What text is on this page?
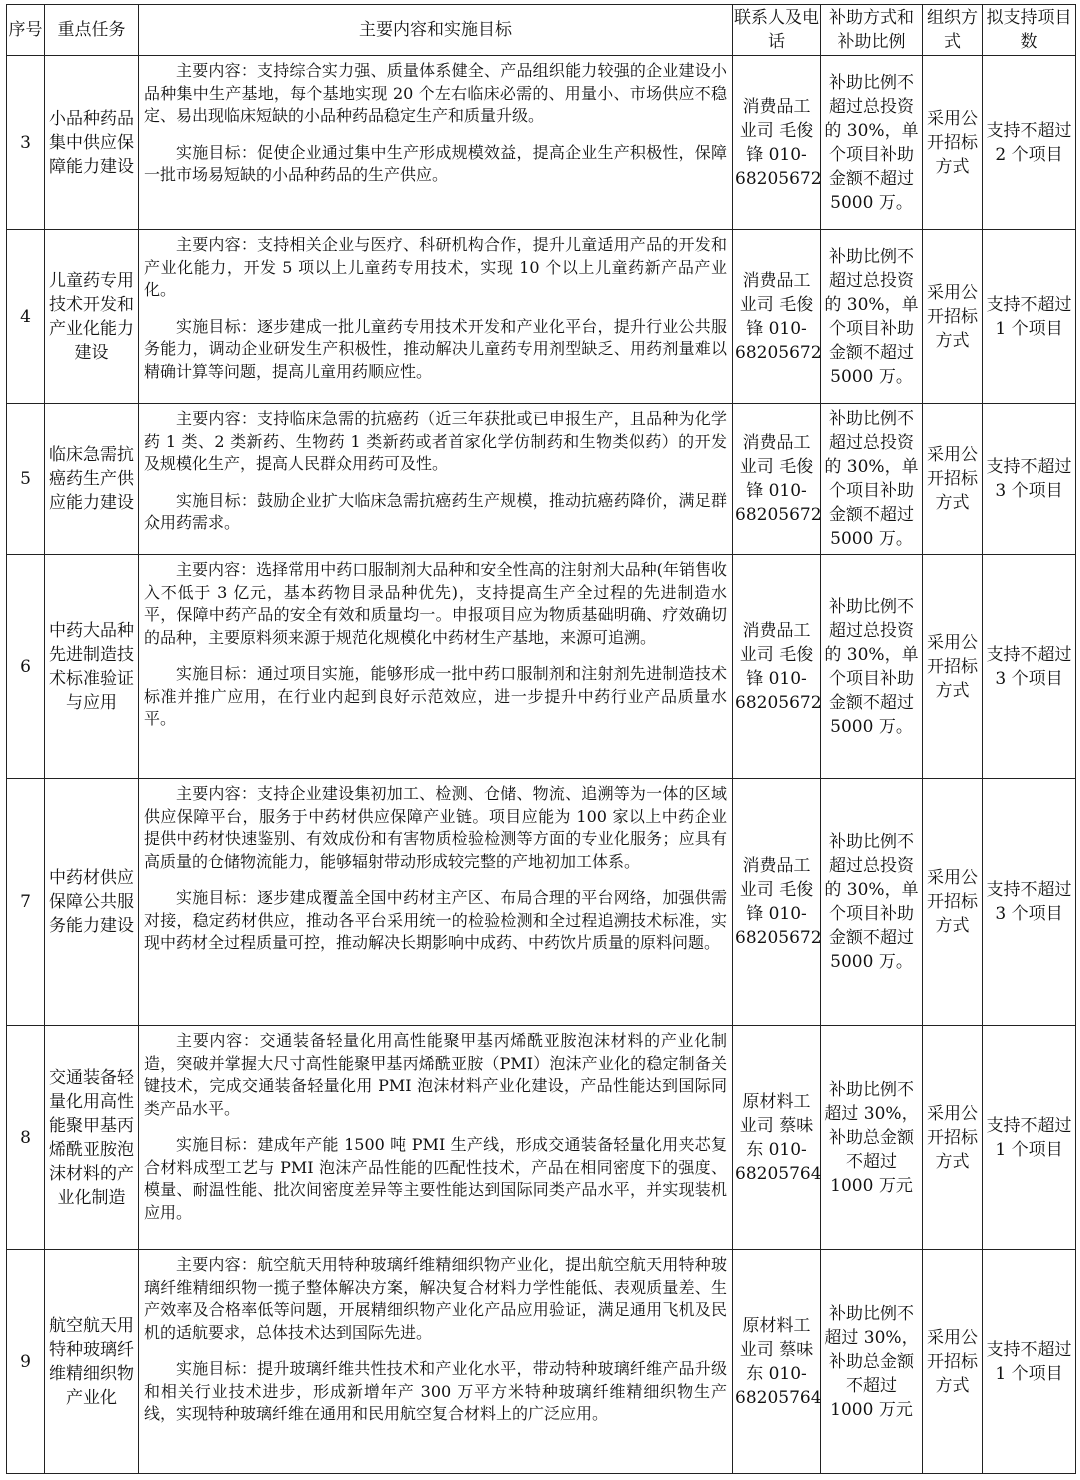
序号	重点任务	主要内容和实施目标	联系人及电话	补助方式和补助比例	组织方式	拟支持项目数
3	小品种药品集中供应保障能力建设	主要内容：支持综合实力强、质量体系健全、产品组织能力较强的企业建设小品种集中生产基地，每个基地实现 20 个左右临床必需的、用量小、市场供应不稳定、易出现临床短缺的小品种药品稳定生产和质量升级。

实施目标：促使企业通过集中生产形成规模效益，提高企业生产积极性，保障一批市场易短缺的小品种药品的生产供应。	消费品工业司 毛俊锋 010-68205672	补助比例不超过总投资的 30%，单个项目补助金额不超过 5000 万。	采用公开招标方式	支持不超过 2 个项目

4	儿童药专用技术开发和产业化能力建设	主要内容：支持相关企业与医疗、科研机构合作，提升儿童适用产品的开发和产业化能力，开发 5 项以上儿童药专用技术，实现 10 个以上儿童药新产品产业化。

实施目标：逐步建成一批儿童药专用技术开发和产业化平台，提升行业公共服务能力，调动企业研发生产积极性，推动解决儿童药专用剂型缺乏、用药剂量难以精确计算等问题，提高儿童用药顺应性。	消费品工业司 毛俊锋 010-68205672	补助比例不超过总投资的 30%，单个项目补助金额不超过 5000 万。	采用公开招标方式	支持不超过 1 个项目

5	临床急需抗癌药生产供应能力建设	主要内容：支持临床急需的抗癌药（近三年获批或已申报生产，且品种为化学药 1 类、2 类新药、生物药 1 类新药或者首家化学仿制药和生物类似药）的开发及规模化生产，提高人民群众用药可及性。

实施目标：鼓励企业扩大临床急需抗癌药生产规模，推动抗癌药降价，满足群众用药需求。	消费品工业司 毛俊锋 010-68205672	补助比例不超过总投资的 30%，单个项目补助金额不超过 5000 万。	采用公开招标方式	支持不超过 3 个项目

6	中药大品种先进制造技术标准验证与应用	主要内容：选择常用中药口服制剂大品种和安全性高的注射剂大品种(年销售收入不低于 3 亿元，基本药物目录品种优先)，支持提高生产全过程的先进制造水平，保障中药产品的安全有效和质量均一。申报项目应为物质基础明确、疗效确切的品种，主要原料须来源于规范化规模化中药材生产基地，来源可追溯。

实施目标：通过项目实施，能够形成一批中药口服制剂和注射剂先进制造技术标准并推广应用，在行业内起到良好示范效应，进一步提升中药行业产品质量水平。	消费品工业司 毛俊锋 010-68205672	补助比例不超过总投资的 30%，单个项目补助金额不超过 5000 万。	采用公开招标方式	支持不超过 3 个项目

7	中药材供应保障公共服务能力建设	主要内容：支持企业建设集初加工、检测、仓储、物流、追溯等为一体的区域供应保障平台，服务于中药材供应保障产业链。项目应能为 100 家以上中药企业提供中药材快速鉴别、有效成份和有害物质检验检测等方面的专业化服务；应具有高质量的仓储物流能力，能够辐射带动形成较完整的产地初加工体系。

实施目标：逐步建成覆盖全国中药材主产区、布局合理的平台网络，加强供需对接，稳定药材供应，推动各平台采用统一的检验检测和全过程追溯技术标准，实现中药材全过程质量可控，推动解决长期影响中成药、中药饮片质量的原料问题。	消费品工业司 毛俊锋 010-68205672	补助比例不超过总投资的 30%，单个项目补助金额不超过 5000 万。	采用公开招标方式	支持不超过 3 个项目

8	交通装备轻量化用高性能聚甲基丙烯酰亚胺泡沫材料的产业化制造	主要内容：交通装备轻量化用高性能聚甲基丙烯酰亚胺泡沫材料的产业化制造，突破并掌握大尺寸高性能聚甲基丙烯酰亚胺（PMI）泡沫产业化的稳定制备关键技术，完成交通装备轻量化用 PMI 泡沫材料产业化建设，产品性能达到国际同类产品水平。

实施目标：建成年产能 1500 吨 PMI 生产线，形成交通装备轻量化用夹芯复合材料成型工艺与 PMI 泡沫产品性能的匹配性技术，产品在相同密度下的强度、模量、耐温性能、批次间密度差异等主要性能达到国际同类产品水平，并实现装机应用。	原材料工业司 蔡味东 010-68205764	补助比例不超过 30%，补助总金额不超过 1000 万元	采用公开招标方式	支持不超过 1 个项目

9	航空航天用特种玻璃纤维精细织物产业化	主要内容：航空航天用特种玻璃纤维精细织物产业化，提出航空航天用特种玻璃纤维精细织物一揽子整体解决方案，解决复合材料力学性能低、表观质量差、生产效率及合格率低等问题，开展精细织物产业化产品应用验证，满足通用飞机及民机的适航要求，总体技术达到国际先进。

实施目标：提升玻璃纤维共性技术和产业化水平，带动特种玻璃纤维产品升级和相关行业技术进步，形成新增年产 300 万平方米特种玻璃纤维精细织物生产线，实现特种玻璃纤维在通用和民用航空复合材料上的广泛应用。	原材料工业司 蔡味东 010-68205764	补助比例不超过 30%，补助总金额不超过 1000 万元	采用公开招标方式	支持不超过 1 个项目
